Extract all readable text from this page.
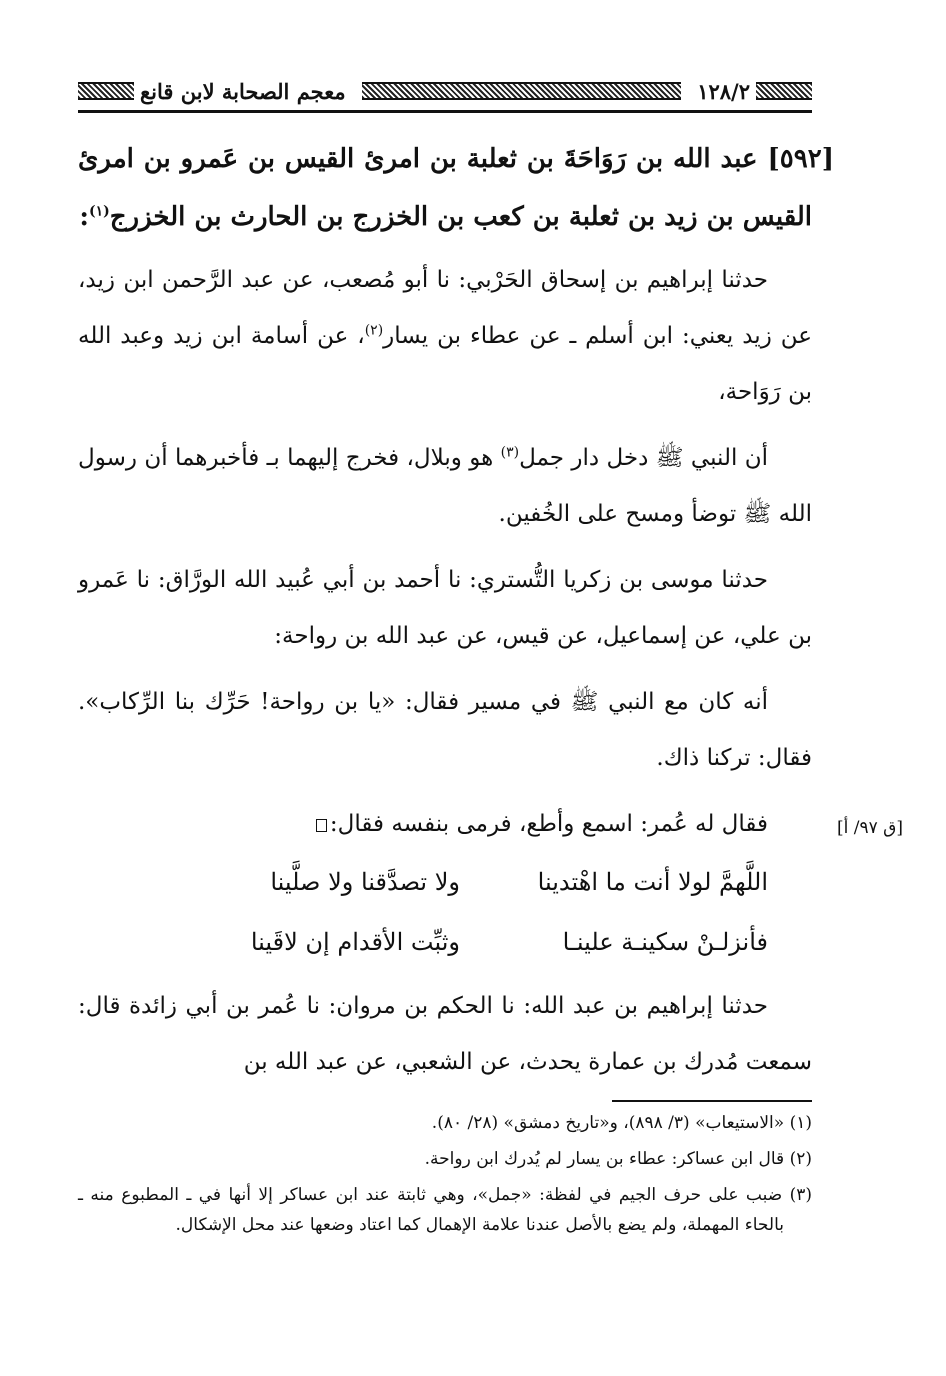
١٢٨/٢
معجم الصحابة لابن قانع
[٥٩٢] عبد الله بن رَوَاحَةَ بن ثعلبة بن امرئ القيس بن عَمرو بن امرئ القيس بن زيد بن ثعلبة بن كعب بن الخزرج بن الحارث بن الخزرج$^{(١)}$:

حدثنا إبراهيم بن إسحاق الحَرْبي: نا أبو مُصعب، عن عبد الرَّحمن ابن زيد، عن زيد يعني: ابن أسلم ـ عن عطاء بن يسار$^{(٢)}$، عن أسامة ابن زيد وعبد الله بن رَوَاحة،

أن النبي ﷺ دخل دار جمل$^{(٣)}$ هو وبلال، فخرج إليهما بـ فأخبرهما أن رسول الله ﷺ توضأ ومسح على الخُفين.

حدثنا موسى بن زكريا التُّستري: نا أحمد بن أبي عُبيد الله الورَّاق: نا عَمرو بن علي، عن إسماعيل، عن قيس، عن عبد الله بن رواحة:

أنه كان مع النبي ﷺ في مسير فقال: «يا بن رواحة! حَرِّك بنا الرِّكاب». فقال: تركنا ذاك.

فقال له عُمر: اسمع وأطع، فرمى بنفسه فقال:

اللَّهمَّ لولا أنت ما اهْتدينا
ولا تصدَّقنا ولا صلَّينا
فأنزلـنْ سكينـة علينـا
وثبِّت الأقدام إن لاقَينا

حدثنا إبراهيم بن عبد الله: نا الحكم بن مروان: نا عُمر بن أبي زائدة قال: سمعت مُدرك بن عمارة يحدث، عن الشعبي، عن عبد الله بن

[ق ٩٧/ أ]
(١) «الاستيعاب» (٣/ ٨٩٨)، و«تاريخ دمشق» (٢٨/ ٨٠).
(٢) قال ابن عساكر: عطاء بن يسار لم يُدرك ابن رواحة.
(٣) ضبب على حرف الجيم في لفظة: «جمل»، وهي ثابتة عند ابن عساكر إلا أنها في ـ المطبوع منه ـ بالحاء المهملة، ولم يضع بالأصل عندنا علامة الإهمال كما اعتاد وضعها عند محل الإشكال.
